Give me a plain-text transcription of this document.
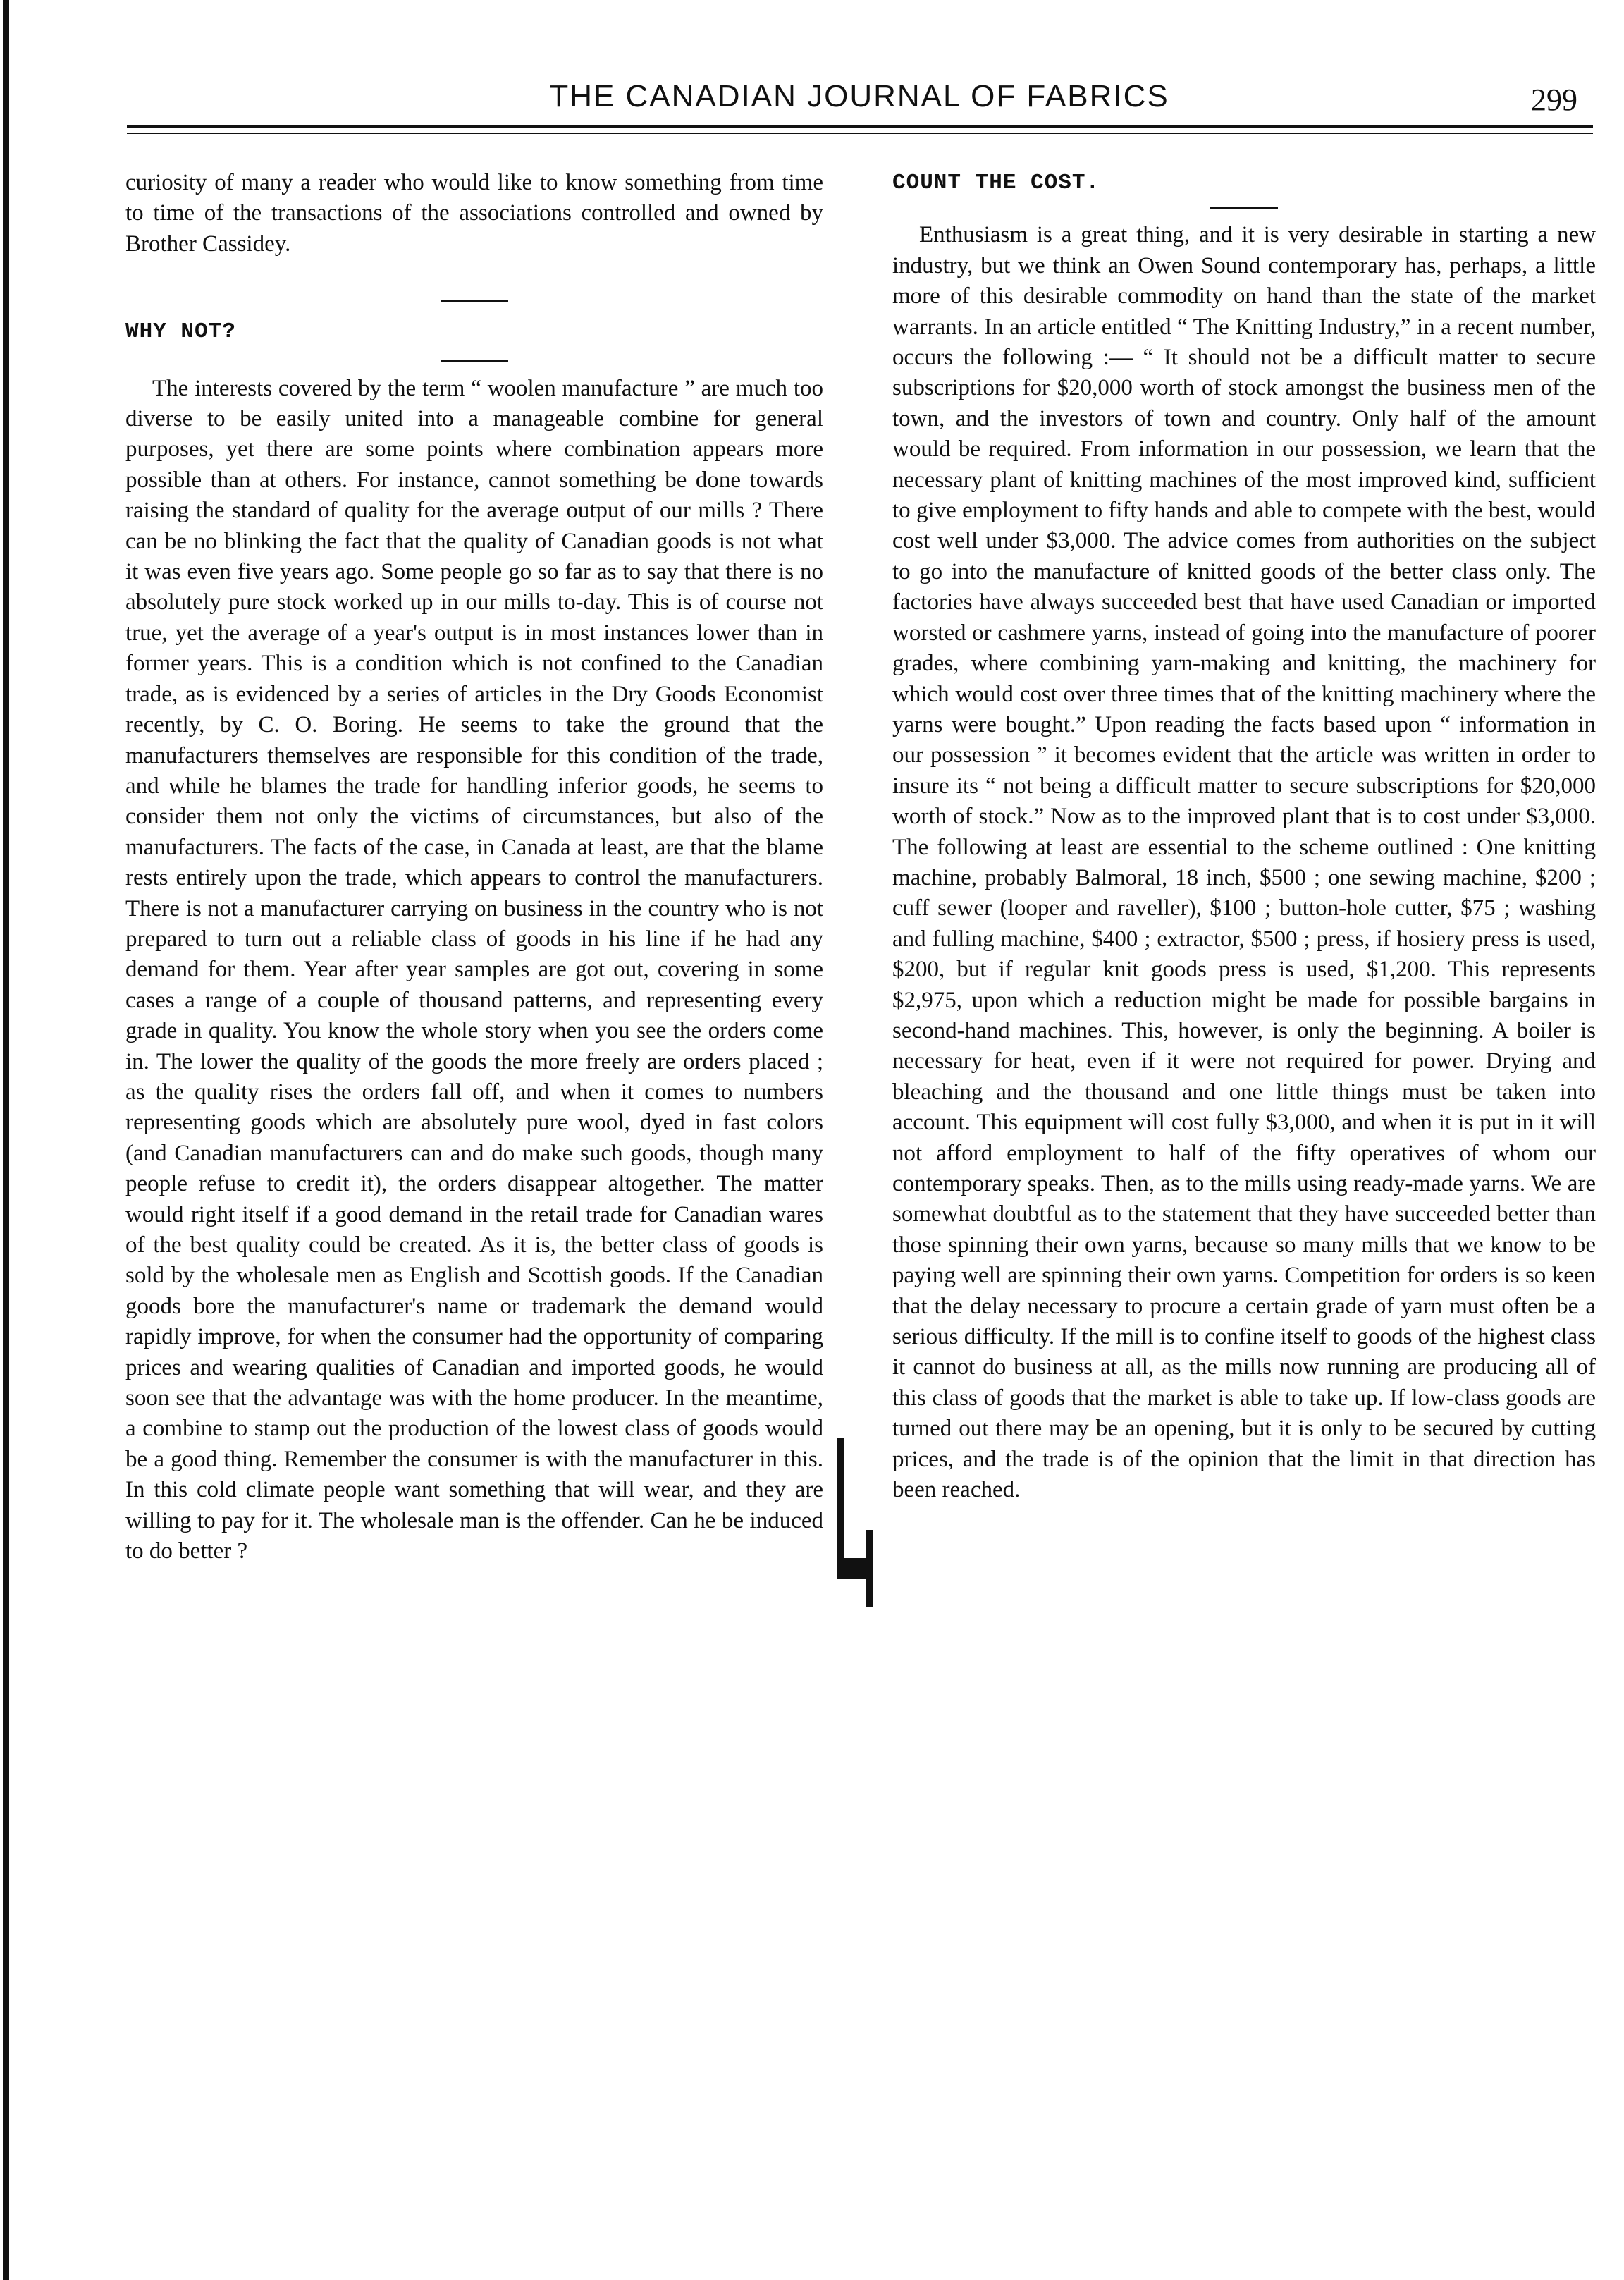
THE CANADIAN JOURNAL OF FABRICS	299

curiosity of many a reader who would like to know something from time to time of the transactions of the associations controlled and owned by Brother Cassidey.

WHY NOT?

The interests covered by the term “ woolen manufacture ” are much too diverse to be easily united into a manageable combine for general purposes, yet there are some points where combination appears more possible than at others. For instance, cannot something be done towards raising the standard of quality for the average output of our mills ? There can be no blinking the fact that the quality of Canadian goods is not what it was even five years ago. Some people go so far as to say that there is no absolutely pure stock worked up in our mills to-day. This is of course not true, yet the average of a year's output is in most instances lower than in former years. This is a condition which is not confined to the Canadian trade, as is evidenced by a series of articles in the Dry Goods Economist recently, by C. O. Boring. He seems to take the ground that the manufacturers themselves are responsible for this condition of the trade, and while he blames the trade for handling inferior goods, he seems to consider them not only the victims of circumstances, but also of the manufacturers. The facts of the case, in Canada at least, are that the blame rests entirely upon the trade, which appears to control the manufacturers. There is not a manufacturer carrying on business in the country who is not prepared to turn out a reliable class of goods in his line if he had any demand for them. Year after year samples are got out, covering in some cases a range of a couple of thousand patterns, and representing every grade in quality. You know the whole story when you see the orders come in. The lower the quality of the goods the more freely are orders placed ; as the quality rises the orders fall off, and when it comes to numbers representing goods which are absolutely pure wool, dyed in fast colors (and Canadian manufacturers can and do make such goods, though many people refuse to credit it), the orders disappear altogether. The matter would right itself if a good demand in the retail trade for Canadian wares of the best quality could be created. As it is, the better class of goods is sold by the wholesale men as English and Scottish goods. If the Canadian goods bore the manufacturer's name or trademark the demand would rapidly improve, for when the consumer had the opportunity of comparing prices and wearing qualities of Canadian and imported goods, he would soon see that the advantage was with the home producer. In the meantime, a combine to stamp out the production of the lowest class of goods would be a good thing. Remember the consumer is with the manufacturer in this. In this cold climate people want something that will wear, and they are willing to pay for it. The wholesale man is the offender. Can he be induced to do better ?

COUNT THE COST.

Enthusiasm is a great thing, and it is very desirable in starting a new industry, but we think an Owen Sound contemporary has, perhaps, a little more of this desirable commodity on hand than the state of the market warrants. In an article entitled “ The Knitting Industry,” in a recent number, occurs the following :— “ It should not be a difficult matter to secure subscriptions for $20,000 worth of stock amongst the business men of the town, and the investors of town and country. Only half of the amount would be required. From information in our possession, we learn that the necessary plant of knitting machines of the most improved kind, sufficient to give employment to fifty hands and able to compete with the best, would cost well under $3,000. The advice comes from authorities on the subject to go into the manufacture of knitted goods of the better class only. The factories have always succeeded best that have used Canadian or imported worsted or cashmere yarns, instead of going into the manufacture of poorer grades, where combining yarn-making and knitting, the machinery for which would cost over three times that of the knitting machinery where the yarns were bought.” Upon reading the facts based upon “ information in our possession ” it becomes evident that the article was written in order to insure its “ not being a difficult matter to secure subscriptions for $20,000 worth of stock.” Now as to the improved plant that is to cost under $3,000. The following at least are essential to the scheme outlined : One knitting machine, probably Balmoral, 18 inch, $500 ; one sewing machine, $200 ; cuff sewer (looper and raveller), $100 ; button-hole cutter, $75 ; washing and fulling machine, $400 ; extractor, $500 ; press, if hosiery press is used, $200, but if regular knit goods press is used, $1,200. This represents $2,975, upon which a reduction might be made for possible bargains in second-hand machines. This, however, is only the beginning. A boiler is necessary for heat, even if it were not required for power. Drying and bleaching and the thousand and one little things must be taken into account. This equipment will cost fully $3,000, and when it is put in it will not afford employment to half of the fifty operatives of whom our contemporary speaks. Then, as to the mills using ready-made yarns. We are somewhat doubtful as to the statement that they have succeeded better than those spinning their own yarns, because so many mills that we know to be paying well are spinning their own yarns. Competition for orders is so keen that the delay necessary to procure a certain grade of yarn must often be a serious difficulty. If the mill is to confine itself to goods of the highest class it cannot do business at all, as the mills now running are producing all of this class of goods that the market is able to take up. If low-class goods are turned out there may be an opening, but it is only to be secured by cutting prices, and the trade is of the opinion that the limit in that direction has been reached.
